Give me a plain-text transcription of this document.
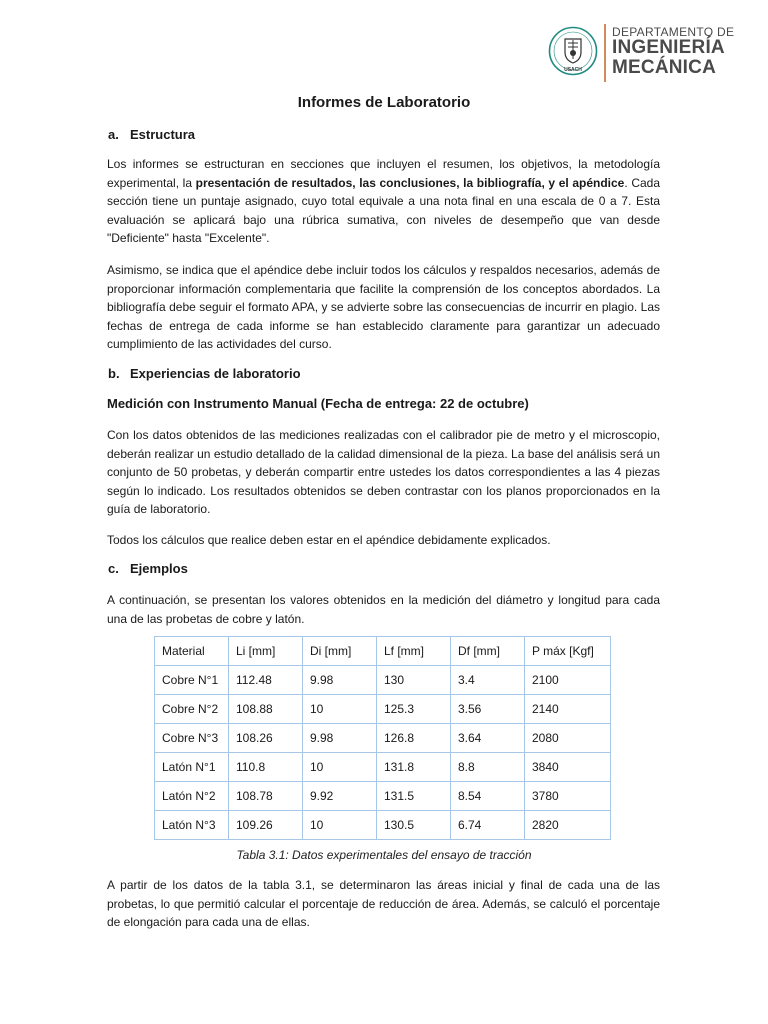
USACH
DEPARTAMENTO DE
INGENIERÍA
MECÁNICA
Informes de Laboratorio
a. Estructura
Los informes se estructuran en secciones que incluyen el resumen, los objetivos, la metodología experimental, la presentación de resultados, las conclusiones, la bibliografía, y el apéndice. Cada sección tiene un puntaje asignado, cuyo total equivale a una nota final en una escala de 0 a 7. Esta evaluación se aplicará bajo una rúbrica sumativa, con niveles de desempeño que van desde "Deficiente" hasta "Excelente".
Asimismo, se indica que el apéndice debe incluir todos los cálculos y respaldos necesarios, además de proporcionar información complementaria que facilite la comprensión de los conceptos abordados. La bibliografía debe seguir el formato APA, y se advierte sobre las consecuencias de incurrir en plagio. Las fechas de entrega de cada informe se han establecido claramente para garantizar un adecuado cumplimiento de las actividades del curso.
b. Experiencias de laboratorio
Medición con Instrumento Manual (Fecha de entrega: 22 de octubre)
Con los datos obtenidos de las mediciones realizadas con el calibrador pie de metro y el microscopio, deberán realizar un estudio detallado de la calidad dimensional de la pieza. La base del análisis será un conjunto de 50 probetas, y deberán compartir entre ustedes los datos correspondientes a las 4 piezas según lo indicado. Los resultados obtenidos se deben contrastar con los planos proporcionados en la guía de laboratorio.
Todos los cálculos que realice deben estar en el apéndice debidamente explicados.
c. Ejemplos
A continuación, se presentan los valores obtenidos en la medición del diámetro y longitud para cada una de las probetas de cobre y latón.
Material	Li [mm]	Di [mm]	Lf [mm]	Df [mm]	P máx [Kgf]
Cobre N°1	112.48	9.98	130	3.4	2100
Cobre N°2	108.88	10	125.3	3.56	2140
Cobre N°3	108.26	9.98	126.8	3.64	2080
Latón N°1	110.8	10	131.8	8.8	3840
Latón N°2	108.78	9.92	131.5	8.54	3780
Latón N°3	109.26	10	130.5	6.74	2820
Tabla 3.1: Datos experimentales del ensayo de tracción
A partir de los datos de la tabla 3.1, se determinaron las áreas inicial y final de cada una de las probetas, lo que permitió calcular el porcentaje de reducción de área. Además, se calculó el porcentaje de elongación para cada una de ellas.
